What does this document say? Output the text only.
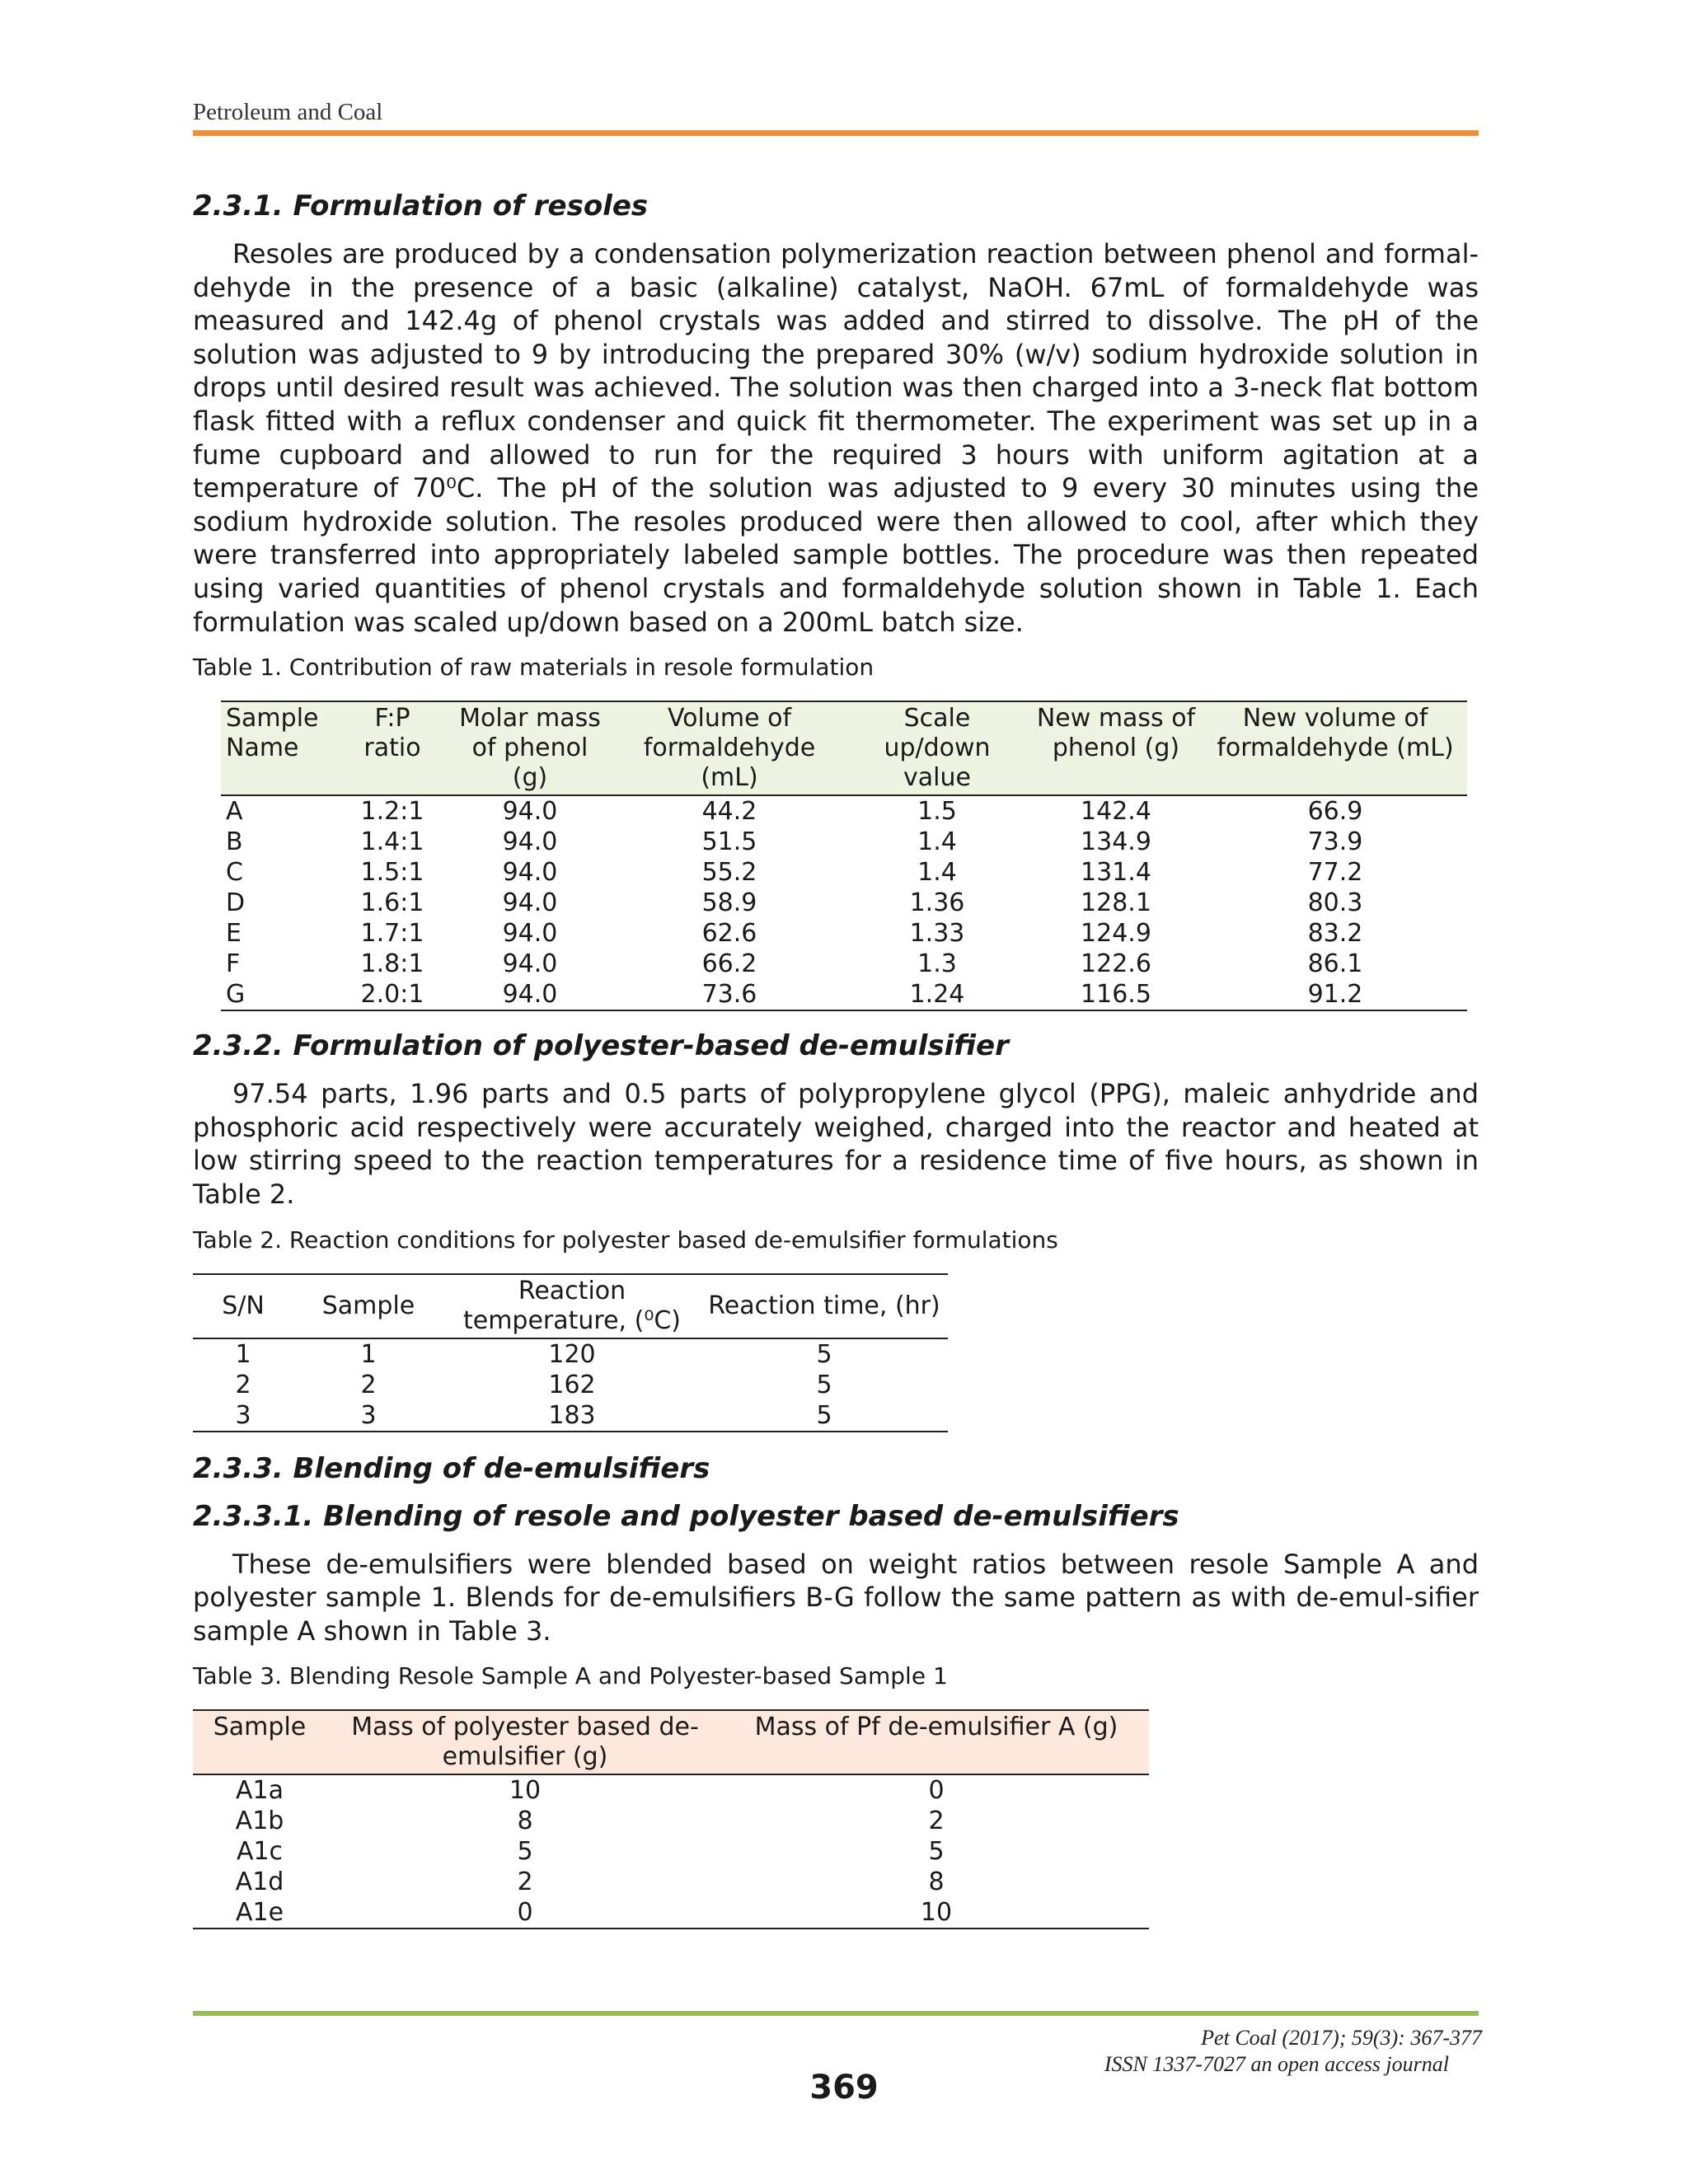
Petroleum and Coal
2.3.1. Formulation of resoles

Resoles are produced by a condensation polymerization reaction between phenol and formal-dehyde in the presence of a basic (alkaline) catalyst, NaOH. 67mL of formaldehyde was measured and 142.4g of phenol crystals was added and stirred to dissolve. The pH of the solution was adjusted to 9 by introducing the prepared 30% (w/v) sodium hydroxide solution in drops until desired result was achieved. The solution was then charged into a 3-neck flat bottom flask fitted with a reflux condenser and quick fit thermometer. The experiment was set up in a fume cupboard and allowed to run for the required 3 hours with uniform agitation at a temperature of 70⁰C. The pH of the solution was adjusted to 9 every 30 minutes using the sodium hydroxide solution. The resoles produced were then allowed to cool, after which they were transferred into appropriately labeled sample bottles. The procedure was then repeated using varied quantities of phenol crystals and formaldehyde solution shown in Table 1. Each formulation was scaled up/down based on a 200mL batch size.

Table 1. Contribution of raw materials in resole formulation

Sample Name	F:P ratio	Molar mass of phenol (g)	Volume of formaldehyde (mL)	Scale up/down value	New mass of phenol (g)	New volume of formaldehyde (mL)
A	1.2:1	94.0	44.2	1.5	142.4	66.9
B	1.4:1	94.0	51.5	1.4	134.9	73.9
C	1.5:1	94.0	55.2	1.4	131.4	77.2
D	1.6:1	94.0	58.9	1.36	128.1	80.3
E	1.7:1	94.0	62.6	1.33	124.9	83.2
F	1.8:1	94.0	66.2	1.3	122.6	86.1
G	2.0:1	94.0	73.6	1.24	116.5	91.2
2.3.2. Formulation of polyester-based de-emulsifier

97.54 parts, 1.96 parts and 0.5 parts of polypropylene glycol (PPG), maleic anhydride and phosphoric acid respectively were accurately weighed, charged into the reactor and heated at low stirring speed to the reaction temperatures for a residence time of five hours, as shown in Table 2.

Table 2. Reaction conditions for polyester based de-emulsifier formulations

S/N	Sample	Reaction temperature, (⁰C)	Reaction time, (hr)
1	1	120	5
2	2	162	5
3	3	183	5
2.3.3. Blending of de-emulsifiers
2.3.3.1. Blending of resole and polyester based de-emulsifiers

These de-emulsifiers were blended based on weight ratios between resole Sample A and polyester sample 1. Blends for de-emulsifiers B-G follow the same pattern as with de-emul-sifier sample A shown in Table 3.

Table 3. Blending Resole Sample A and Polyester-based Sample 1

Sample	Mass of polyester based de-emulsifier (g)	Mass of Pf de-emulsifier A (g)
A1a	10	0
A1b	8	2
A1c	5	5
A1d	2	8
A1e	0	10
Pet Coal (2017); 59(3): 367-377
ISSN 1337-7027 an open access journal
369
